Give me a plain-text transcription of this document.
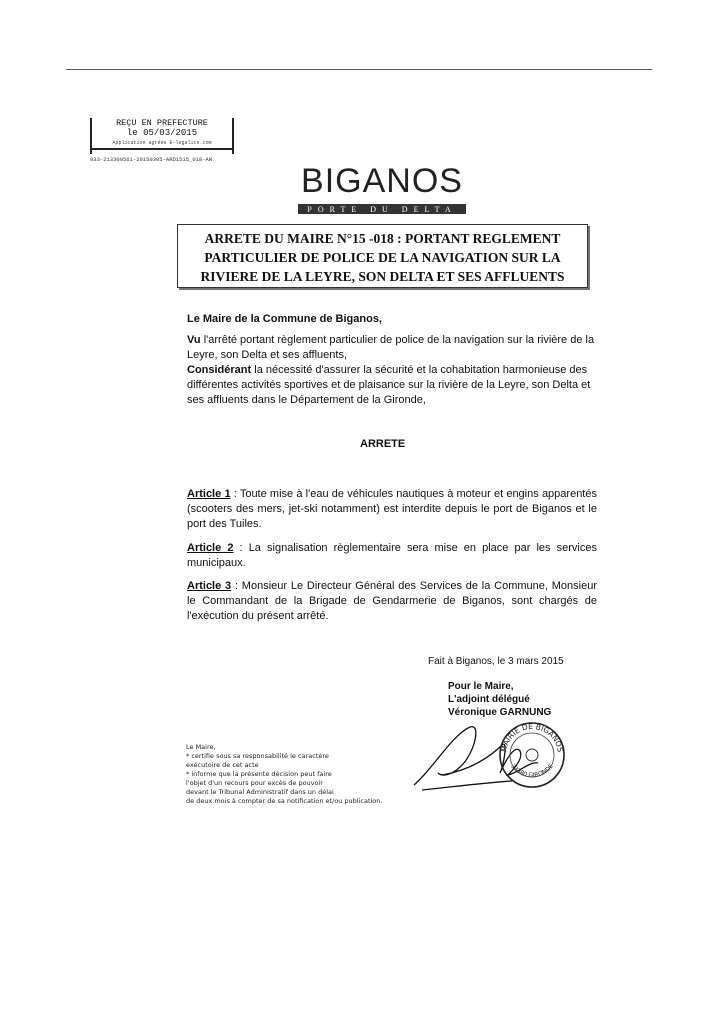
REÇU EN PREFECTURE
le 05/03/2015
Application agréée E-legalite.com
033-213300561-20150305-ARD1515_018-AR
BIGANOS
PORTE DU DELTA
ARRETE DU MAIRE N°15 -018 : PORTANT REGLEMENT
PARTICULIER DE POLICE DE LA NAVIGATION SUR LA
RIVIERE DE LA LEYRE, SON DELTA ET SES AFFLUENTS
Le Maire de la Commune de Biganos,
Vu l'arrêté portant règlement particulier de police de la navigation sur la rivière de la Leyre, son Delta et ses affluents,
Considérant la nécessité d'assurer la sécurité et la cohabitation harmonieuse des différentes activités sportives et de plaisance sur la rivière de la Leyre, son Delta et ses affluents dans le Département de la Gironde,
ARRETE
Article 1 : Toute mise à l'eau de véhicules nautiques à moteur et engins apparentés (scooters des mers, jet-ski notamment) est interdite depuis le port de Biganos et le port des Tuiles.
Article 2 : La signalisation règlementaire sera mise en place par les services municipaux.
Article 3 : Monsieur Le Directeur Général des Services de la Commune, Monsieur le Commandant de la Brigade de Gendarmerie de Biganos, sont chargés de l'exécution du présent arrêté.
Fait à Biganos, le 3 mars 2015
Pour le Maire,
L'adjoint délégué
Véronique GARNUNG
Le Maire,
* certifie sous sa responsabilité le caractère
exécutoire de cet acte
* informe que la présente décision peut faire
l'objet d'un recours pour excès de pouvoir
devant le Tribunal Administratif dans un délai
de deux mois à compter de sa notification et/ou publication.
MAIRIE DE BIGANOS
33380 GIRONDE
